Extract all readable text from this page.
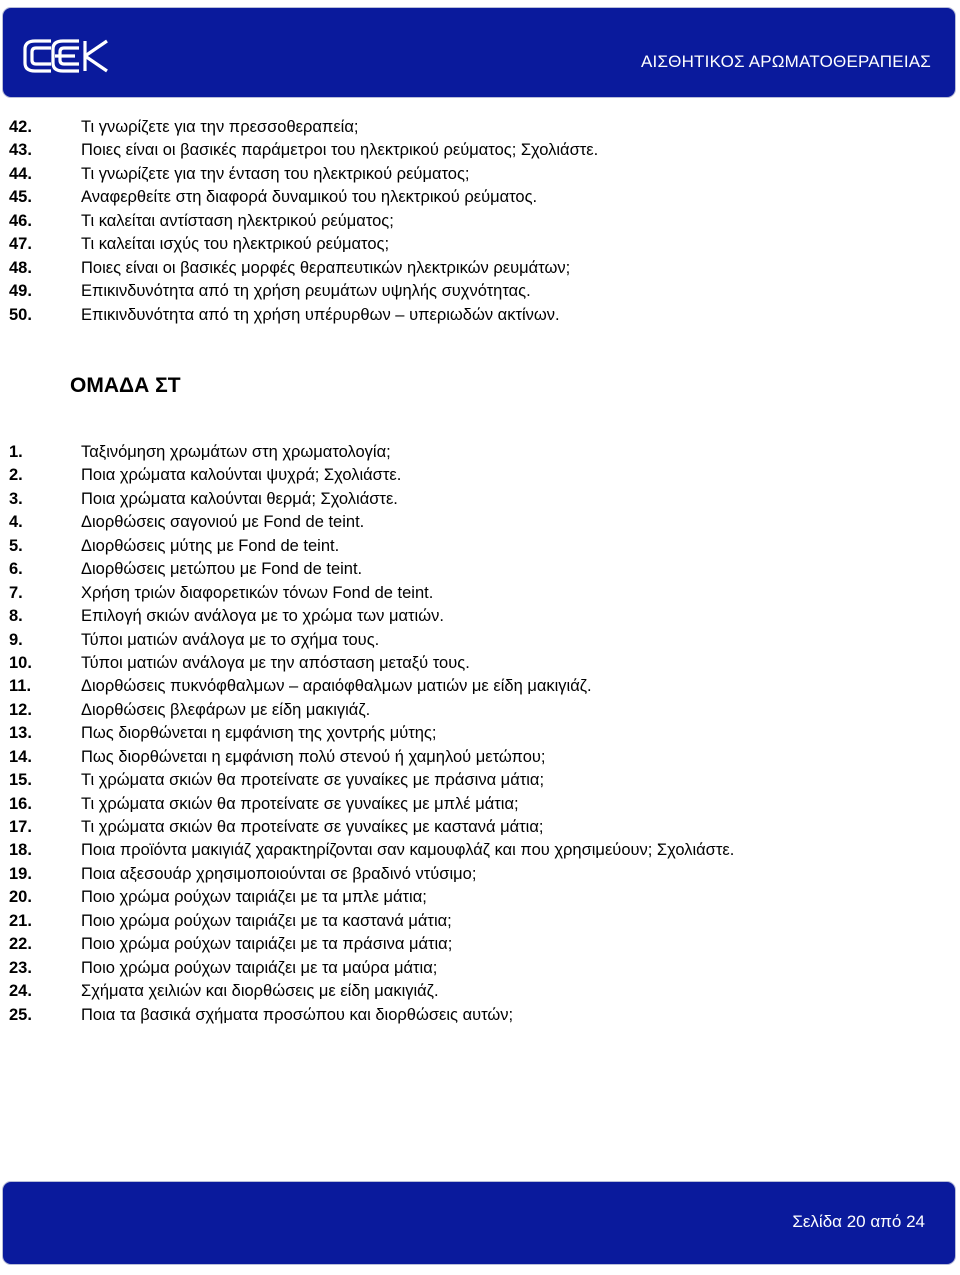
ΑΙΣΘΗΤΙΚΟΣ ΑΡΩΜΑΤΟΘΕΡΑΠΕΙΑΣ
42.	Τι γνωρίζετε για την πρεσσοθεραπεία;
43.	Ποιες είναι οι βασικές παράμετροι του ηλεκτρικού ρεύματος; Σχολιάστε.
44.	Τι γνωρίζετε για την ένταση του ηλεκτρικού ρεύματος;
45.	Αναφερθείτε στη διαφορά δυναμικού του ηλεκτρικού ρεύματος.
46.	Τι καλείται αντίσταση ηλεκτρικού ρεύματος;
47.	Τι καλείται ισχύς του ηλεκτρικού ρεύματος;
48.	Ποιες είναι οι βασικές μορφές θεραπευτικών ηλεκτρικών ρευμάτων;
49.	Επικινδυνότητα από τη χρήση ρευμάτων υψηλής συχνότητας.
50.	Επικινδυνότητα από τη χρήση υπέρυρθων – υπεριωδών ακτίνων.
ΟΜΑΔΑ ΣΤ
1.	Ταξινόμηση χρωμάτων στη χρωματολογία;
2.	Ποια χρώματα καλούνται ψυχρά; Σχολιάστε.
3.	Ποια χρώματα καλούνται θερμά; Σχολιάστε.
4.	Διορθώσεις σαγονιού με Fond de teint.
5.	Διορθώσεις μύτης με Fond de teint.
6.	Διορθώσεις μετώπου με Fond de teint.
7.	Χρήση τριών διαφορετικών τόνων Fond de teint.
8.	Επιλογή σκιών ανάλογα με το χρώμα των ματιών.
9.	Τύποι ματιών ανάλογα με το σχήμα τους.
10.	Τύποι ματιών ανάλογα με την απόσταση μεταξύ τους.
11.	Διορθώσεις πυκνόφθαλμων – αραιόφθαλμων ματιών με είδη μακιγιάζ.
12.	Διορθώσεις βλεφάρων με είδη μακιγιάζ.
13.	Πως διορθώνεται η εμφάνιση της χοντρής μύτης;
14.	Πως διορθώνεται η εμφάνιση πολύ στενού ή χαμηλού μετώπου;
15.	Τι χρώματα σκιών θα προτείνατε σε γυναίκες με πράσινα μάτια;
16.	Τι χρώματα σκιών θα προτείνατε σε γυναίκες με μπλέ μάτια;
17.	Τι χρώματα σκιών θα προτείνατε σε γυναίκες με καστανά μάτια;
18.	Ποια προϊόντα μακιγιάζ χαρακτηρίζονται σαν καμουφλάζ και που χρησιμεύουν; Σχολιάστε.
19.	Ποια αξεσουάρ χρησιμοποιούνται σε βραδινό ντύσιμο;
20.	Ποιο χρώμα ρούχων ταιριάζει με τα μπλε μάτια;
21.	Ποιο χρώμα ρούχων ταιριάζει με τα καστανά μάτια;
22.	Ποιο χρώμα ρούχων ταιριάζει με τα πράσινα μάτια;
23.	Ποιο χρώμα ρούχων ταιριάζει με τα μαύρα μάτια;
24.	Σχήματα χειλιών και διορθώσεις με είδη μακιγιάζ.
25.	Ποια τα βασικά σχήματα προσώπου και διορθώσεις αυτών;
Σελίδα 20 από 24
